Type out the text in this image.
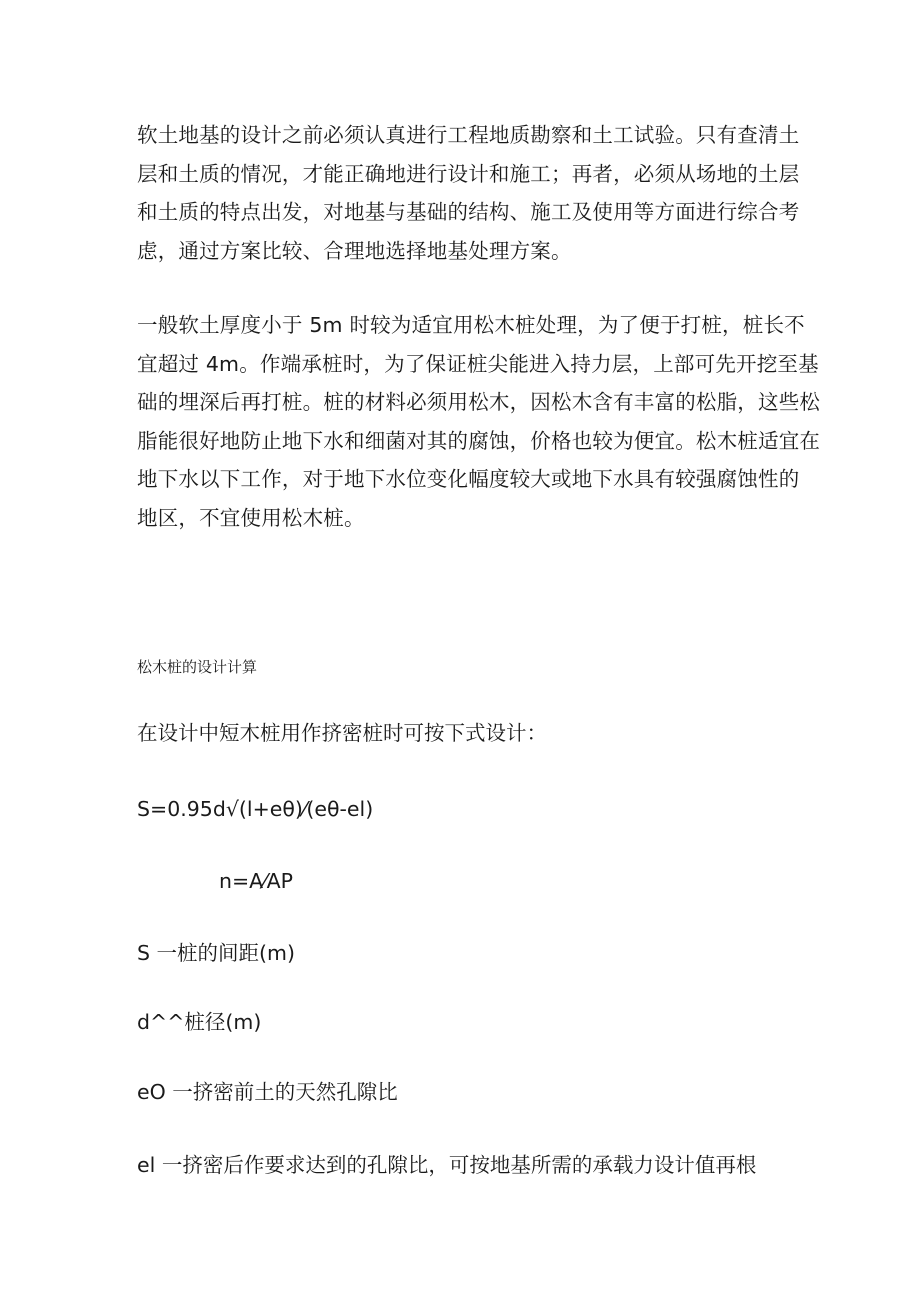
软土地基的设计之前必须认真进行工程地质勘察和土工试验。只有查清土
层和土质的情况，才能正确地进行设计和施工；再者，必须从场地的土层
和土质的特点出发，对地基与基础的结构、施工及使用等方面进行综合考
虑，通过方案比较、合理地选择地基处理方案。

一般软土厚度小于 5m 时较为适宜用松木桩处理，为了便于打桩，桩长不
宜超过 4m。作端承桩时，为了保证桩尖能进入持力层，上部可先开挖至基
础的埋深后再打桩。桩的材料必须用松木，因松木含有丰富的松脂，这些松
脂能很好地防止地下水和细菌对其的腐蚀，价格也较为便宜。松木桩适宜在
地下水以下工作，对于地下水位变化幅度较大或地下水具有较强腐蚀性的
地区，不宜使用松木桩。

松木桩的设计计算

在设计中短木桩用作挤密桩时可按下式设计：

S=0.95d√(l+eθ)⁄(eθ-el)

n=A⁄AP

S 一桩的间距(m)

d^^桩径(m)

eO 一挤密前土的天然孔隙比

el 一挤密后作要求达到的孔隙比，可按地基所需的承载力设计值再根
